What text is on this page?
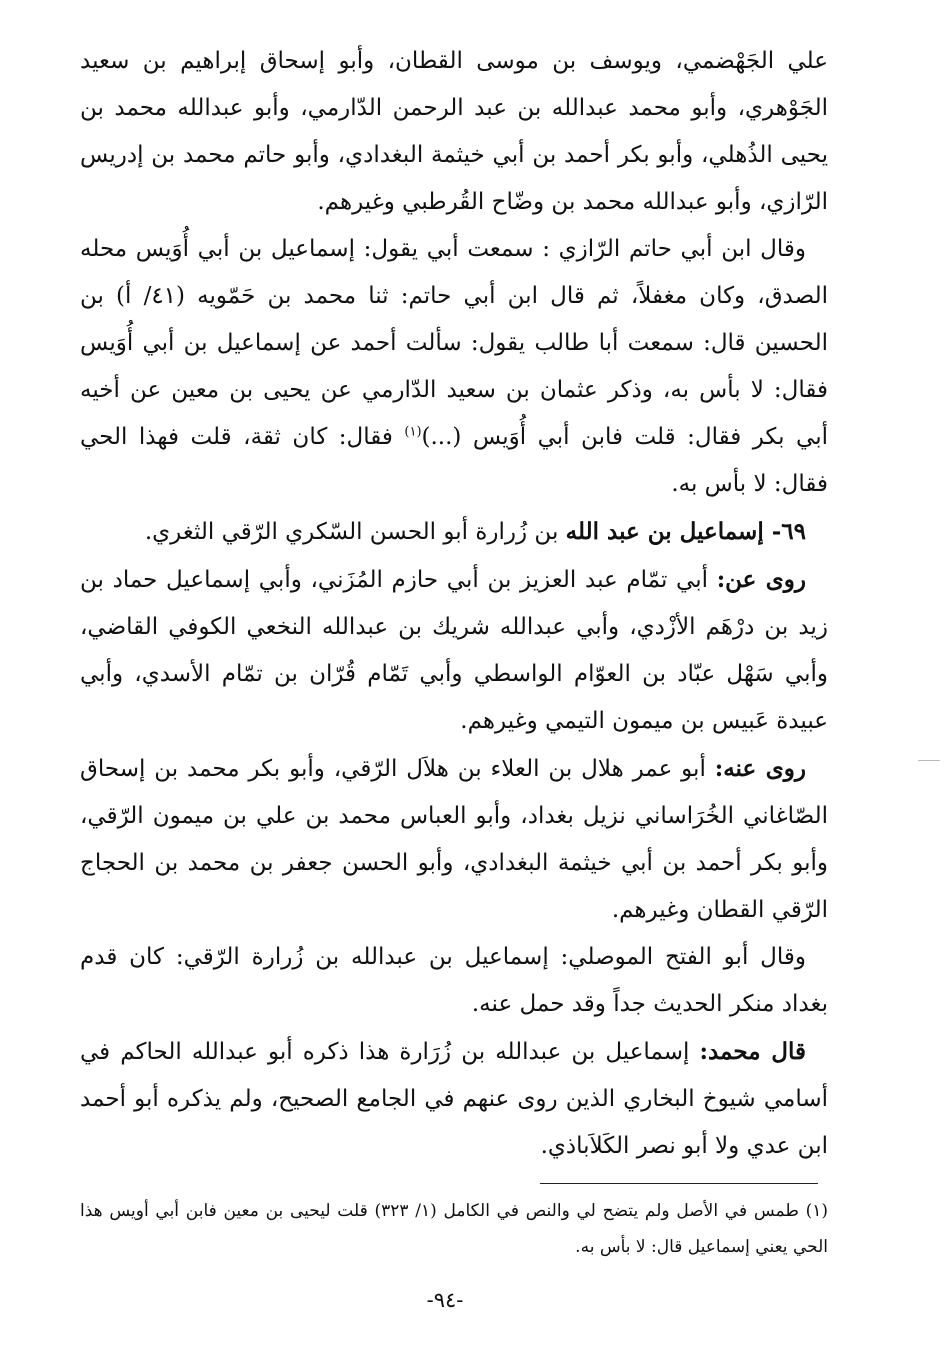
علي الجَهْضمي، ويوسف بن موسى القطان، وأبو إسحاق إبراهيم بن سعيد الجَوْهري، وأبو محمد عبدالله بن عبد الرحمن الدّارمي، وأبو عبدالله محمد بن يحيى الذُهلي، وأبو بكر أحمد بن أبي خيثمة البغدادي، وأبو حاتم محمد بن إدريس الرّازي، وأبو عبدالله محمد بن وضّاح القُرطبي وغيرهم.

وقال ابن أبي حاتم الرّازي : سمعت أبي يقول: إسماعيل بن أبي أُوَيس محله الصدق، وكان مغفلاً، ثم قال ابن أبي حاتم: ثنا محمد بن حَمّويه (٤١/ أ) بن الحسين قال: سمعت أبا طالب يقول: سألت أحمد عن إسماعيل بن أبي أُوَيس فقال: لا بأس به، وذكر عثمان بن سعيد الدّارمي عن يحيى بن معين عن أخيه أبي بكر فقال: قلت فابن أبي أُوَيس (...)$^{(١)}$ فقال: كان ثقة، قلت فهذا الحي فقال: لا بأس به.

٦٩- إسماعيل بن عبد الله بن زُرارة أبو الحسن السّكري الرّقي الثغري.

روى عن: أبي تمّام عبد العزيز بن أبي حازم المُزَني، وأبي إسماعيل حماد بن زيد بن درْهَم الأزْدي، وأبي عبدالله شريك بن عبدالله النخعي الكوفي القاضي، وأبي سَهْل عبّاد بن العوّام الواسطي وأبي تَمّام قُرّان بن تمّام الأسدي، وأبي عبيدة عَبيس بن ميمون التيمي وغيرهم.

روى عنه: أبو عمر هلال بن العلاء بن هلاَل الرّقي، وأبو بكر محمد بن إسحاق الصّاغاني الخُرَاساني نزيل بغداد، وأبو العباس محمد بن علي بن ميمون الرّقي، وأبو بكر أحمد بن أبي خيثمة البغدادي، وأبو الحسن جعفر بن محمد بن الحجاج الرّقي القطان وغيرهم.

وقال أبو الفتح الموصلي: إسماعيل بن عبدالله بن زُرارة الرّقي: كان قدم بغداد منكر الحديث جداً وقد حمل عنه.

قال محمد: إسماعيل بن عبدالله بن زُرَارة هذا ذكره أبو عبدالله الحاكم في أسامي شيوخ البخاري الذين روى عنهم في الجامع الصحيح، ولم يذكره أبو أحمد ابن عدي ولا أبو نصر الكَلاَباذي.

(١) طمس في الأصل ولم يتضح لي والنص في الكامل (١/ ٣٢٣) قلت ليحيى بن معين فابن أبي أويس هذا الحي يعني إسماعيل قال: لا بأس به.
-٩٤-
